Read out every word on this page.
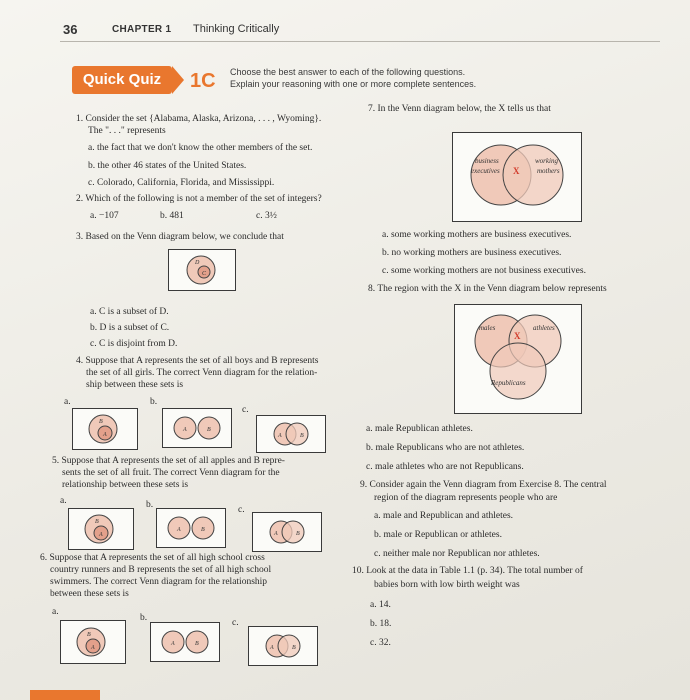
36	CHAPTER 1 Thinking Critically
Quick Quiz	1C Choose the best answer to each of the following questions.
Explain your reasoning with one or more complete sentences.
1. Consider the set {Alabama, Alaska, Arizona, . . . , Wyoming}.
The ". . ." represents
a. the fact that we don't know the other members of the set.
b. the other 46 states of the United States.
c. Colorado, California, Florida, and Mississippi.
2. Which of the following is not a member of the set of integers?
a. −107	b. 481	c. 3½
3. Based on the Venn diagram below, we conclude that
D
C
a. C is a subset of D.
b. D is a subset of C.
c. C is disjoint from D.
4. Suppose that A represents the set of all boys and B represents
the set of all girls. The correct Venn diagram for the relation-
ship between these sets is
a.	b.
c.
B
A
A	B
A	B
5. Suppose that A represents the set of all apples and B repre-
sents the set of all fruit. The correct Venn diagram for the
relationship between these sets is
a.	b.	c.
B
A
A	B
A	B
6. Suppose that A represents the set of all high school cross
country runners and B represents the set of all high school
swimmers. The correct Venn diagram for the relationship
between these sets is
a.
b.	c.
B
A
A	B
A	B
7. In the Venn diagram below, the X tells us that
business
executives
working
mothers
X
a. some working mothers are business executives.
b. no working mothers are business executives.
c. some working mothers are not business executives.
8. The region with the X in the Venn diagram below represents
males	athletes
Republicans
X
a. male Republican athletes.
b. male Republicans who are not athletes.
c. male athletes who are not Republicans.
9. Consider again the Venn diagram from Exercise 8. The central
region of the diagram represents people who are
a. male and Republican and athletes.
b. male or Republican or athletes.
c. neither male nor Republican nor athletes.
10. Look at the data in Table 1.1 (p. 34). The total number of
babies born with low birth weight was
a. 14.
b. 18.
c. 32.
